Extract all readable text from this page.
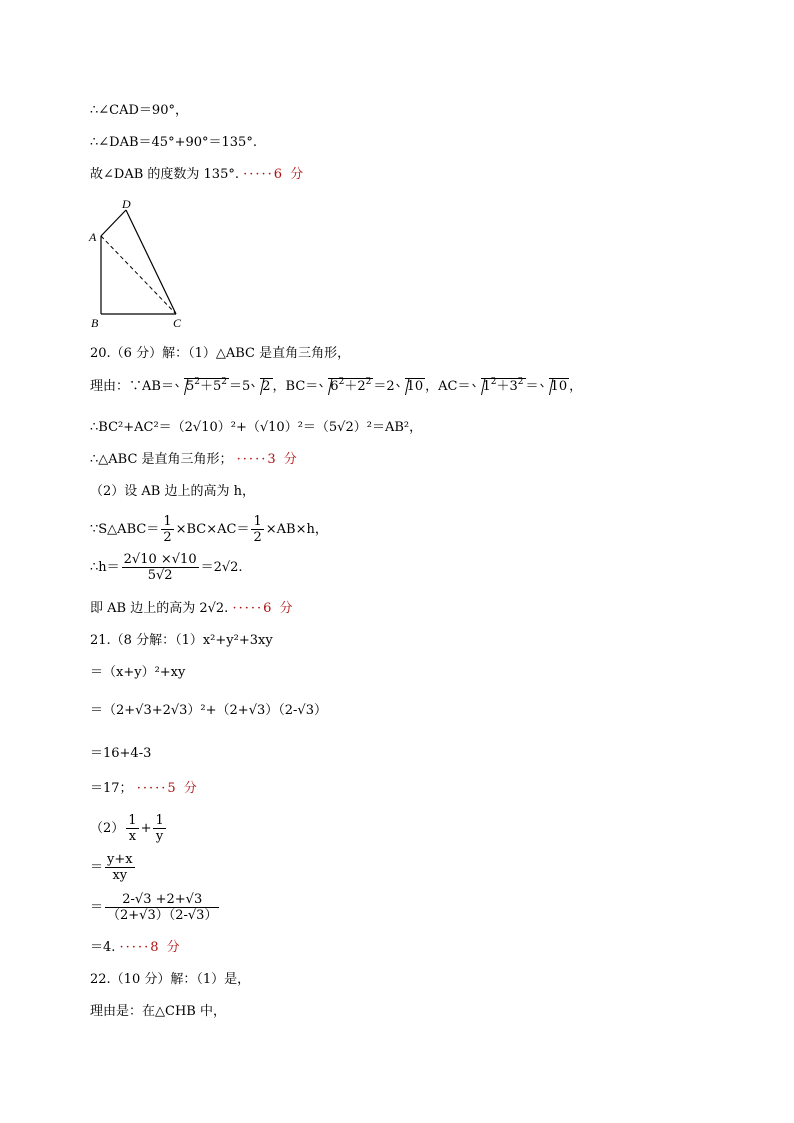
∴∠CAD＝90°，
∴∠DAB＝45°+90°＝135°.
故∠DAB 的度数为 135°. ·····6 分
D
A
B	C
20.（6 分）解：（1）△ABC 是直角三角形，
理由：∵AB＝ $5^2+5^2 =5$ 2 ，$BC= 6^2+2^2 =2$ 10 ，$AC= 1^2+3^2 = 10$ ，
∴BC²+AC²＝（2√10）²+（√10）²＝（5√2）²＝AB²，
∴△ABC 是直角三角形； ·····3 分
（2）设 AB 边上的高为 h，
∵S△ABC＝ $\frac{1}{2} \times BC\times AC= \frac{1}{2} \times AB\times h$，
∴h＝ $\frac{2√10 \times√10}{5√2} =2√2$.
即 AB 边上的高为 2√2. ·····6 分
21.（8 分解：（1）x²+y²+3xy
＝（x+y）²+xy
＝（2+√3+2√3）²+（2+√3）（2-√3）
＝16+4-3
＝17； ·····5 分
$(2) \frac{1}{x} + \frac{1}{y}$
＝ $\frac{y+x}{xy}$
＝ $\frac{2-√3 +2+√3}{(2+√3)(2-√3)}$
＝4. ·····8 分
22.（10 分）解：（1）是，
理由是：在△CHB 中，
